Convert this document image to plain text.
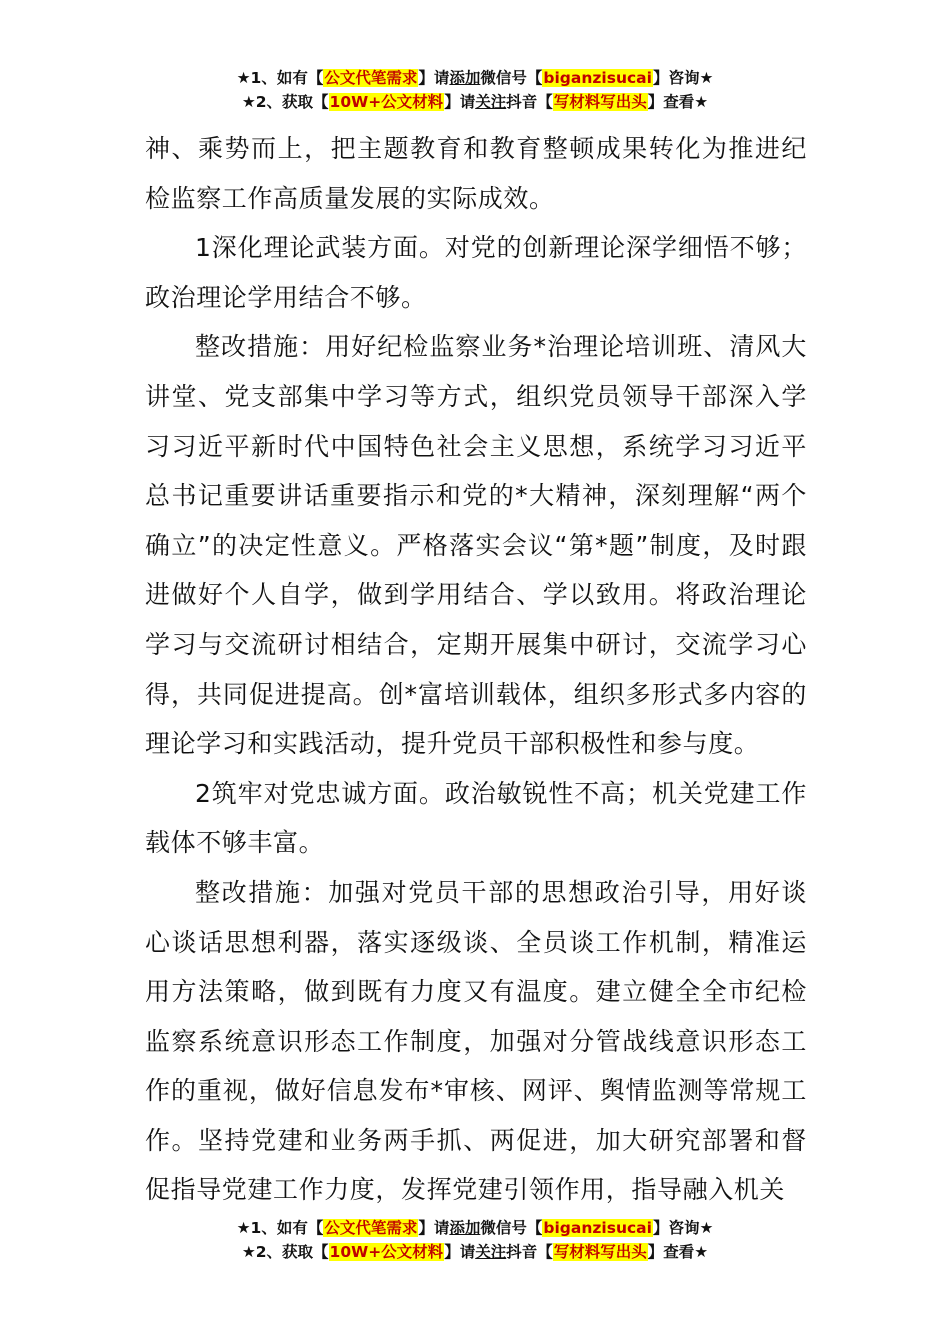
★1、如有【公文代笔需求】请添加微信号【biganzisucai】咨询★
★2、获取【10W+公文材料】请关注抖音【写材料写出头】查看★

神、乘势而上，把主题教育和教育整顿成果转化为推进纪检监察工作高质量发展的实际成效。

1深化理论武装方面。对党的创新理论深学细悟不够；政治理论学用结合不够。

整改措施：用好纪检监察业务*治理论培训班、清风大讲堂、党支部集中学习等方式，组织党员领导干部深入学习习近平新时代中国特色社会主义思想，系统学习习近平总书记重要讲话重要指示和党的*大精神，深刻理解“两个确立”的决定性意义。严格落实会议“第*题”制度，及时跟进做好个人自学，做到学用结合、学以致用。将政治理论学习与交流研讨相结合，定期开展集中研讨，交流学习心得，共同促进提高。创*富培训载体，组织多形式多内容的理论学习和实践活动，提升党员干部积极性和参与度。

2筑牢对党忠诚方面。政治敏锐性不高；机关党建工作载体不够丰富。

整改措施：加强对党员干部的思想政治引导，用好谈心谈话思想利器，落实逐级谈、全员谈工作机制，精准运用方法策略，做到既有力度又有温度。建立健全全市纪检监察系统意识形态工作制度，加强对分管战线意识形态工作的重视，做好信息发布*审核、网评、舆情监测等常规工作。坚持党建和业务两手抓、两促进，加大研究部署和督促指导党建工作力度，发挥党建引领作用，指导融入机关

★1、如有【公文代笔需求】请添加微信号【biganzisucai】咨询★
★2、获取【10W+公文材料】请关注抖音【写材料写出头】查看★
